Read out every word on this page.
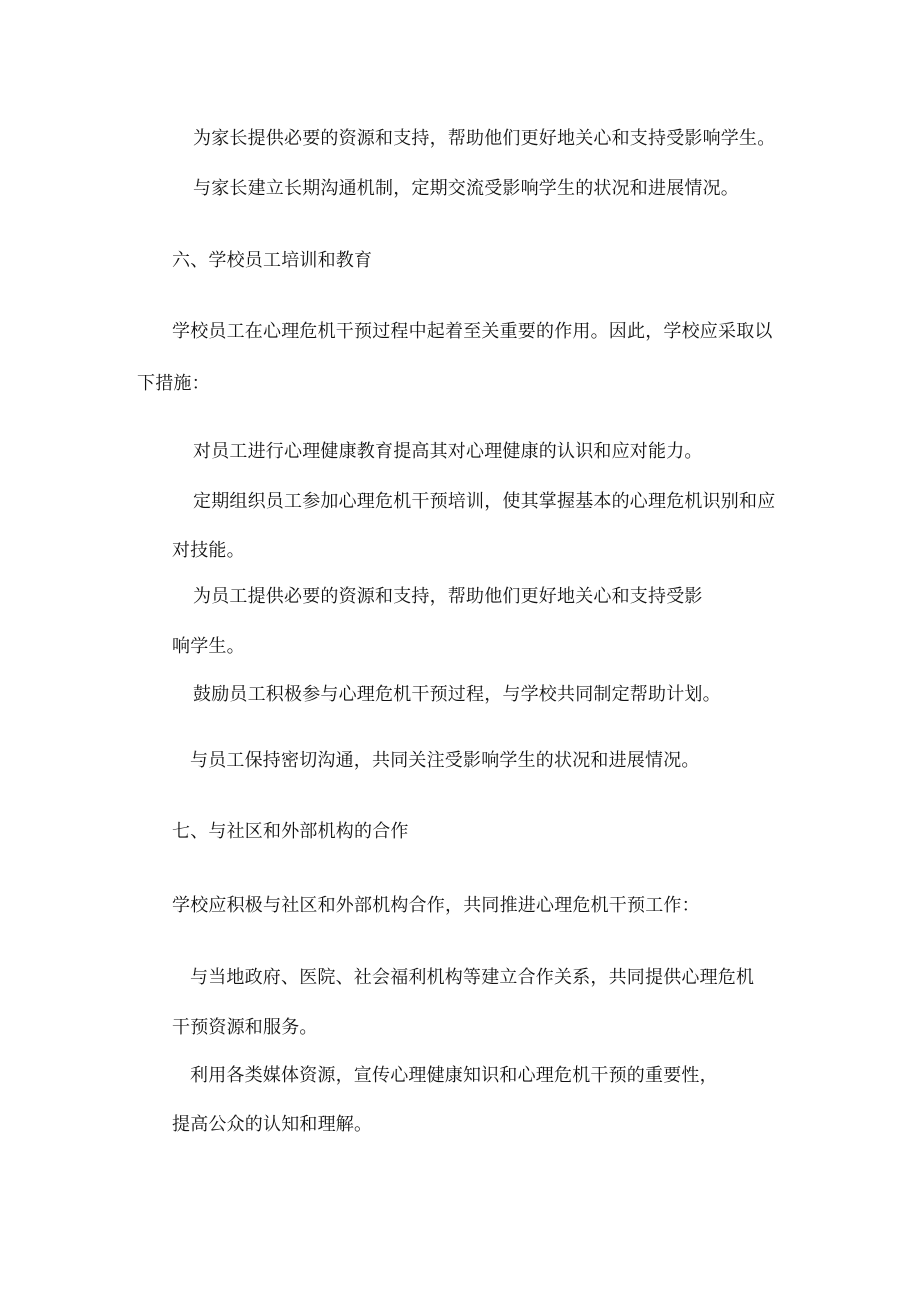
为家长提供必要的资源和支持，帮助他们更好地关心和支持受影响学生。
与家长建立长期沟通机制，定期交流受影响学生的状况和进展情况。
六、学校员工培训和教育
学校员工在心理危机干预过程中起着至关重要的作用。因此，学校应采取以
下措施：
对员工进行心理健康教育提高其对心理健康的认识和应对能力。
定期组织员工参加心理危机干预培训，使其掌握基本的心理危机识别和应
对技能。
为员工提供必要的资源和支持，帮助他们更好地关心和支持受影
响学生。
鼓励员工积极参与心理危机干预过程，与学校共同制定帮助计划。
与员工保持密切沟通，共同关注受影响学生的状况和进展情况。
七、与社区和外部机构的合作
学校应积极与社区和外部机构合作，共同推进心理危机干预工作：
与当地政府、医院、社会福利机构等建立合作关系，共同提供心理危机
干预资源和服务。
利用各类媒体资源，宣传心理健康知识和心理危机干预的重要性，
提高公众的认知和理解。
